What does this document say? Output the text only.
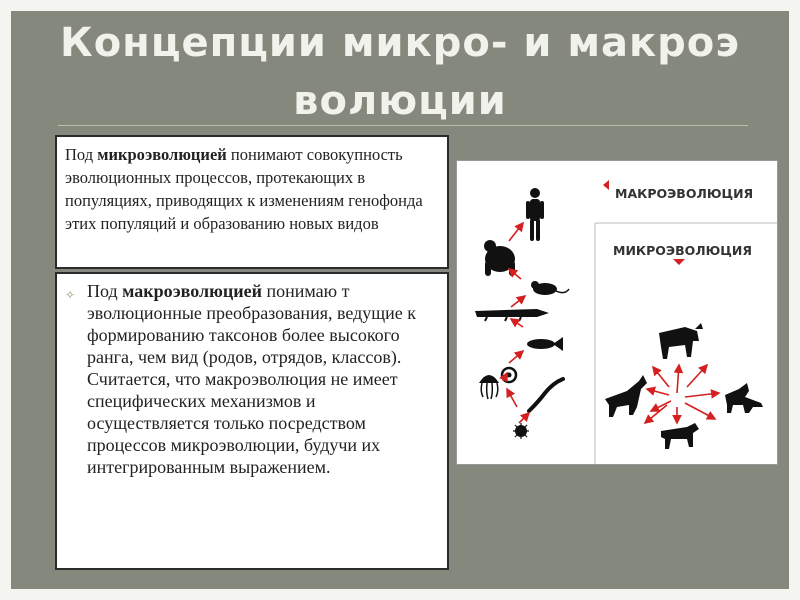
Концепции микро- и макроэ
волюции
Под микроэволюцией понимают совокупность эволюционных процессов, протекающих в популяциях, приводящих к изменениям генофонда этих популяций и образованию новых видов
✧ Под макроэволюцией понимаю т эволюционные преобразования, ведущие к формированию таксонов более высокого ранга, чем вид (родов, отрядов, классов). Считается, что макроэволюция не имеет специфических механизмов и осуществляется только посредством процессов микроэволюции, будучи их интегрированным выражением.
МАКРОЭВОЛЮЦИЯ
МИКРОЭВОЛЮЦИЯ
